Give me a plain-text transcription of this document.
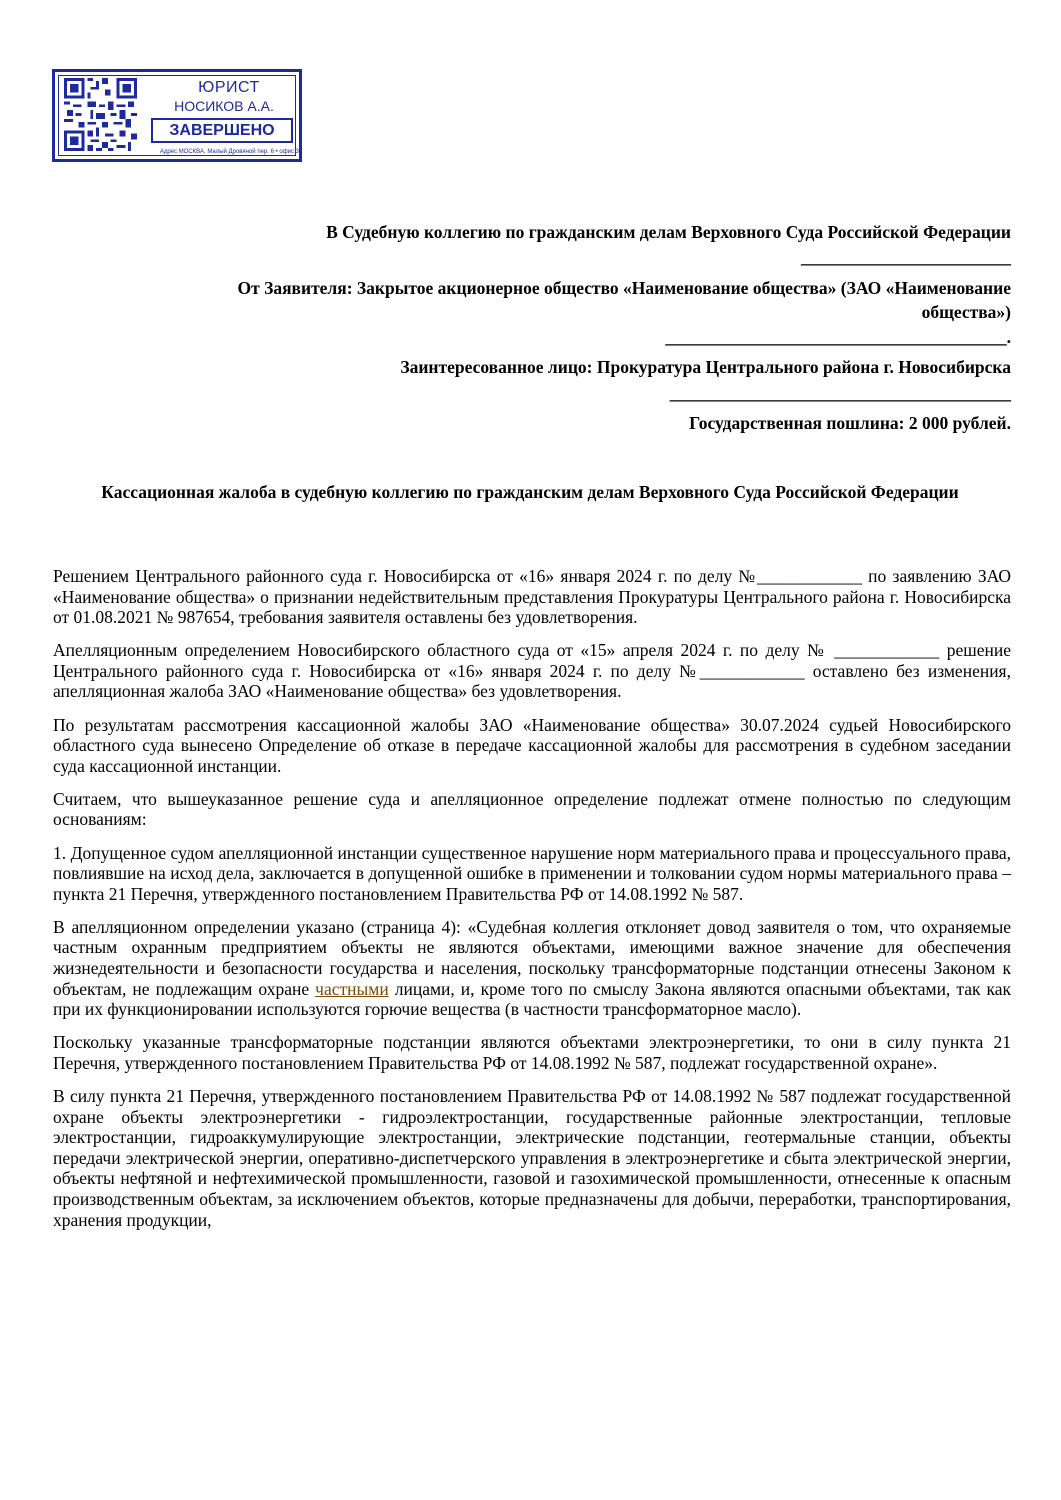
ЮРИСТ
НОСИКОВ А.А.
ЗАВЕРШЕНО
Адрес МОСКВА, Малый Дровяной пер. 6 • офис 3
В Судебную коллегию по гражданским делам Верховного Суда Российской Федерации
________________________
От Заявителя: Закрытое акционерное общество «Наименование общества» (ЗАО «Наименование
общества»)
_______________________________________.
Заинтересованное лицо: Прокуратура Центрального района г. Новосибирска
_______________________________________
Государственная пошлина: 2 000 рублей.
Кассационная жалоба в судебную коллегию по гражданским делам Верховного Суда Российской Федерации

Решением Центрального районного суда г. Новосибирска от «16» января 2024 г. по делу №____________ по заявлению ЗАО «Наименование общества» о признании недействительным представления Прокуратуры Центрального района г. Новосибирска от 01.08.2021 № 987654, требования заявителя оставлены без удовлетворения.

Апелляционным определением Новосибирского областного суда от «15» апреля 2024 г. по делу № ____________ решение Центрального районного суда г. Новосибирска от «16» января 2024 г. по делу №____________ оставлено без изменения, апелляционная жалоба ЗАО «Наименование общества» без удовлетворения.

По результатам рассмотрения кассационной жалобы ЗАО «Наименование общества» 30.07.2024 судьей Новосибирского областного суда вынесено Определение об отказе в передаче кассационной жалобы для рассмотрения в судебном заседании суда кассационной инстанции.

Считаем, что вышеуказанное решение суда и апелляционное определение подлежат отмене полностью по следующим основаниям:

1. Допущенное судом апелляционной инстанции существенное нарушение норм материального права и процессуального права, повлиявшие на исход дела, заключается в допущенной ошибке в применении и толковании судом нормы материального права – пункта 21 Перечня, утвержденного постановлением Правительства РФ от 14.08.1992 № 587.

В апелляционном определении указано (страница 4): «Судебная коллегия отклоняет довод заявителя о том, что охраняемые частным охранным предприятием объекты не являются объектами, имеющими важное значение для обеспечения жизнедеятельности и безопасности государства и населения, поскольку трансформаторные подстанции отнесены Законом к объектам, не подлежащим охране частными лицами, и, кроме того по смыслу Закона являются опасными объектами, так как при их функционировании используются горючие вещества (в частности трансформаторное масло).

Поскольку указанные трансформаторные подстанции являются объектами электроэнергетики, то они в силу пункта 21 Перечня, утвержденного постановлением Правительства РФ от 14.08.1992 № 587, подлежат государственной охране».

В силу пункта 21 Перечня, утвержденного постановлением Правительства РФ от 14.08.1992 № 587 подлежат государственной охране объекты электроэнергетики - гидроэлектростанции, государственные районные электростанции, тепловые электростанции, гидроаккумулирующие электростанции, электрические подстанции, геотермальные станции, объекты передачи электрической энергии, оперативно-диспетчерского управления в электроэнергетике и сбыта электрической энергии, объекты нефтяной и нефтехимической промышленности, газовой и газохимической промышленности, отнесенные к опасным производственным объектам, за исключением объектов, которые предназначены для добычи, переработки, транспортирования, хранения продукции,
